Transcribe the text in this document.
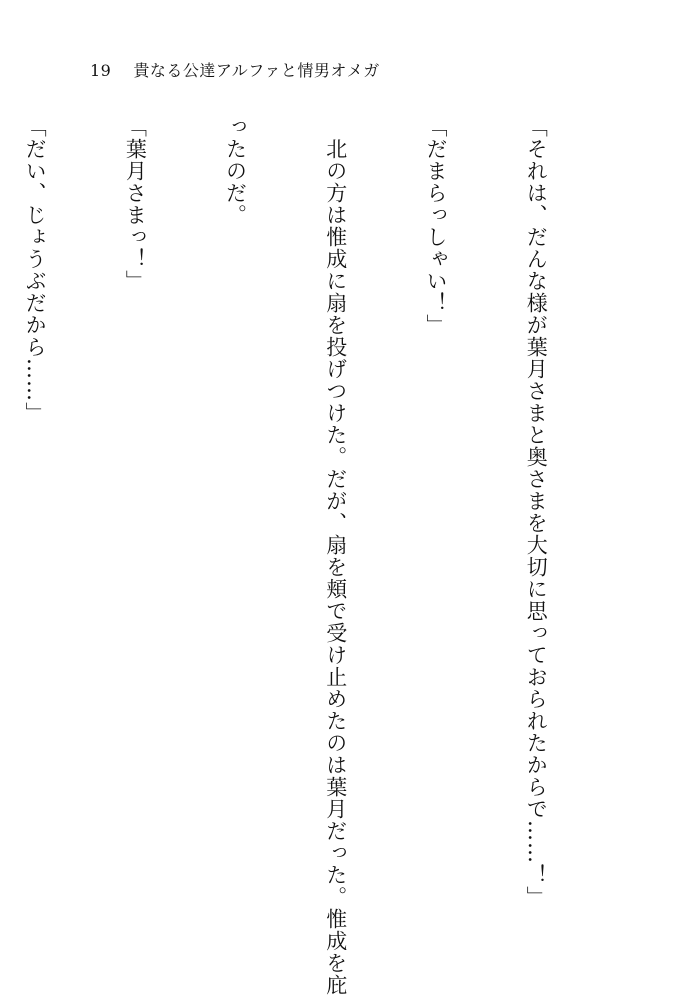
19 貴なる公達アルファと情男オメガ

「それは、だんな様が葉月さまと奥さまを大切に思っておられたからで……！」

「だまらっしゃい！」

　北の方は惟成に扇を投げつけた。だが、扇を頬で受け止めたのは葉月だった。惟成を庇

ったのだ。

「葉月さまっ！」

「だい、じょうぶだから……」
